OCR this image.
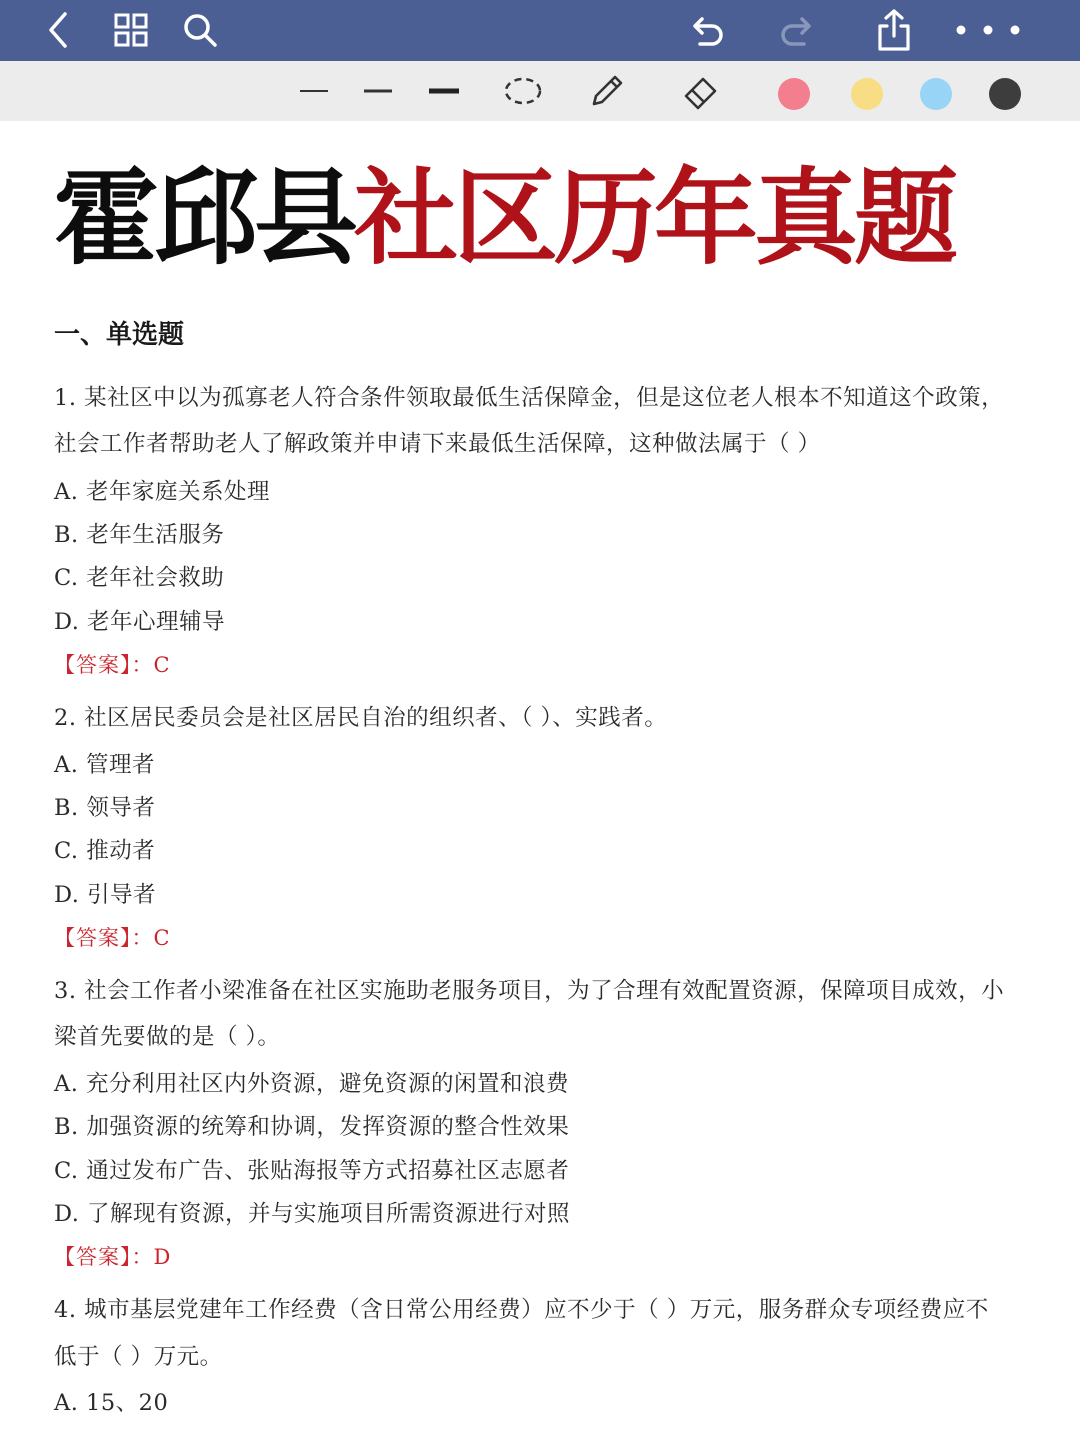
霍邱县社区历年真题
一、单选题
1. 某社区中以为孤寡老人符合条件领取最低生活保障金，但是这位老人根本不知道这个政策，
社会工作者帮助老人了解政策并申请下来最低生活保障，这种做法属于（ ）
A. 老年家庭关系处理
B. 老年生活服务
C. 老年社会救助
D. 老年心理辅导
【答案】：C
2. 社区居民委员会是社区居民自治的组织者、（ ）、实践者。
A. 管理者
B. 领导者
C. 推动者
D. 引导者
【答案】：C
3. 社会工作者小梁准备在社区实施助老服务项目，为了合理有效配置资源，保障项目成效，小
梁首先要做的是（ ）。
A. 充分利用社区内外资源，避免资源的闲置和浪费
B. 加强资源的统筹和协调，发挥资源的整合性效果
C. 通过发布广告、张贴海报等方式招募社区志愿者
D. 了解现有资源，并与实施项目所需资源进行对照
【答案】：D
4. 城市基层党建年工作经费（含日常公用经费）应不少于（ ）万元，服务群众专项经费应不
低于（ ）万元。
A. 15、20
